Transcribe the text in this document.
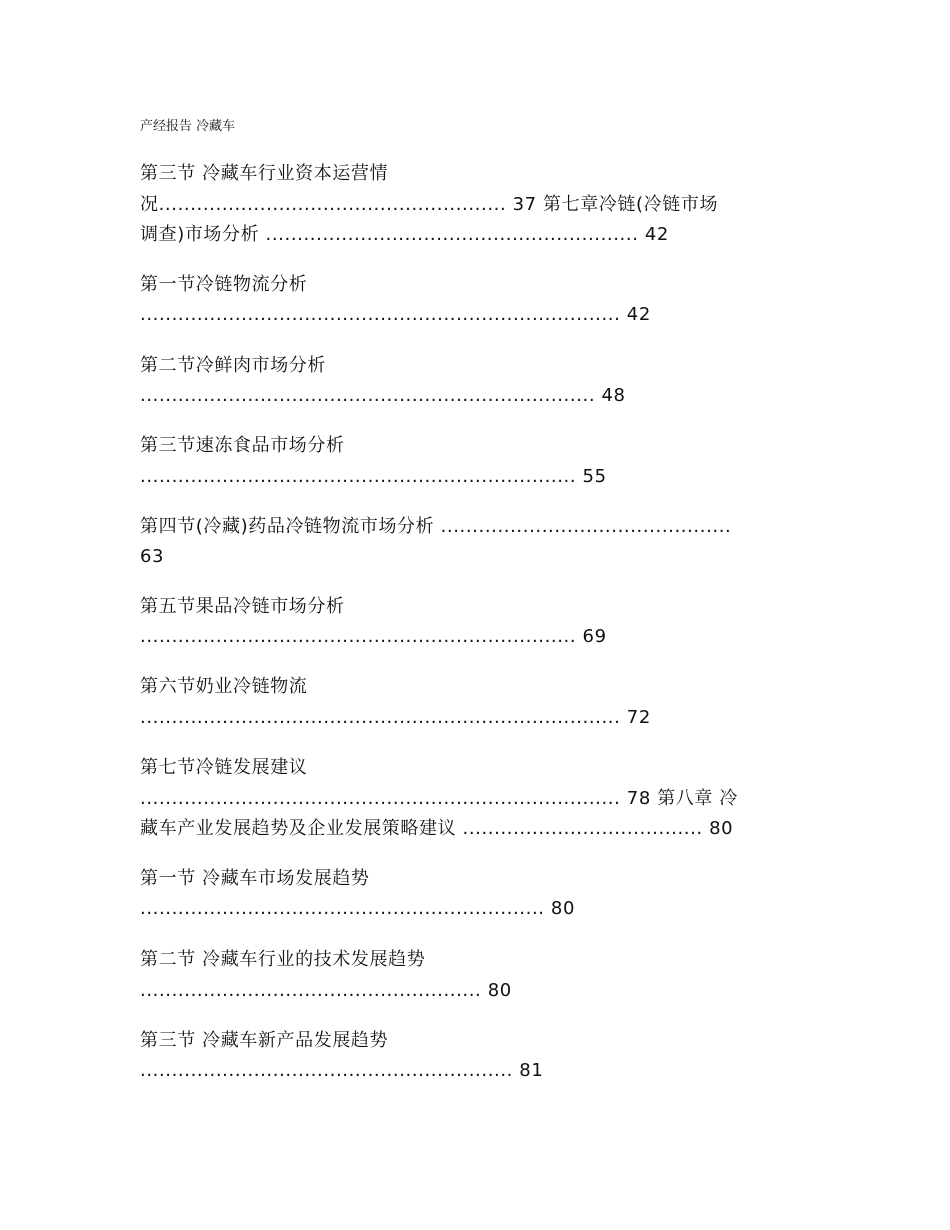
产经报告 冷藏车
第三节 冷藏车行业资本运营情
况....................................................... 37 第七章冷链(冷链市场
调查)市场分析 ........................................................... 42
第一节冷链物流分析
............................................................................ 42
第二节冷鲜肉市场分析
........................................................................ 48
第三节速冻食品市场分析
..................................................................... 55
第四节(冷藏)药品冷链物流市场分析 ..............................................
63
第五节果品冷链市场分析
..................................................................... 69
第六节奶业冷链物流
............................................................................ 72
第七节冷链发展建议
............................................................................ 78 第八章 冷
藏车产业发展趋势及企业发展策略建议 ...................................... 80
第一节 冷藏车市场发展趋势
................................................................ 80
第二节 冷藏车行业的技术发展趋势
...................................................... 80
第三节 冷藏车新产品发展趋势
........................................................... 81
